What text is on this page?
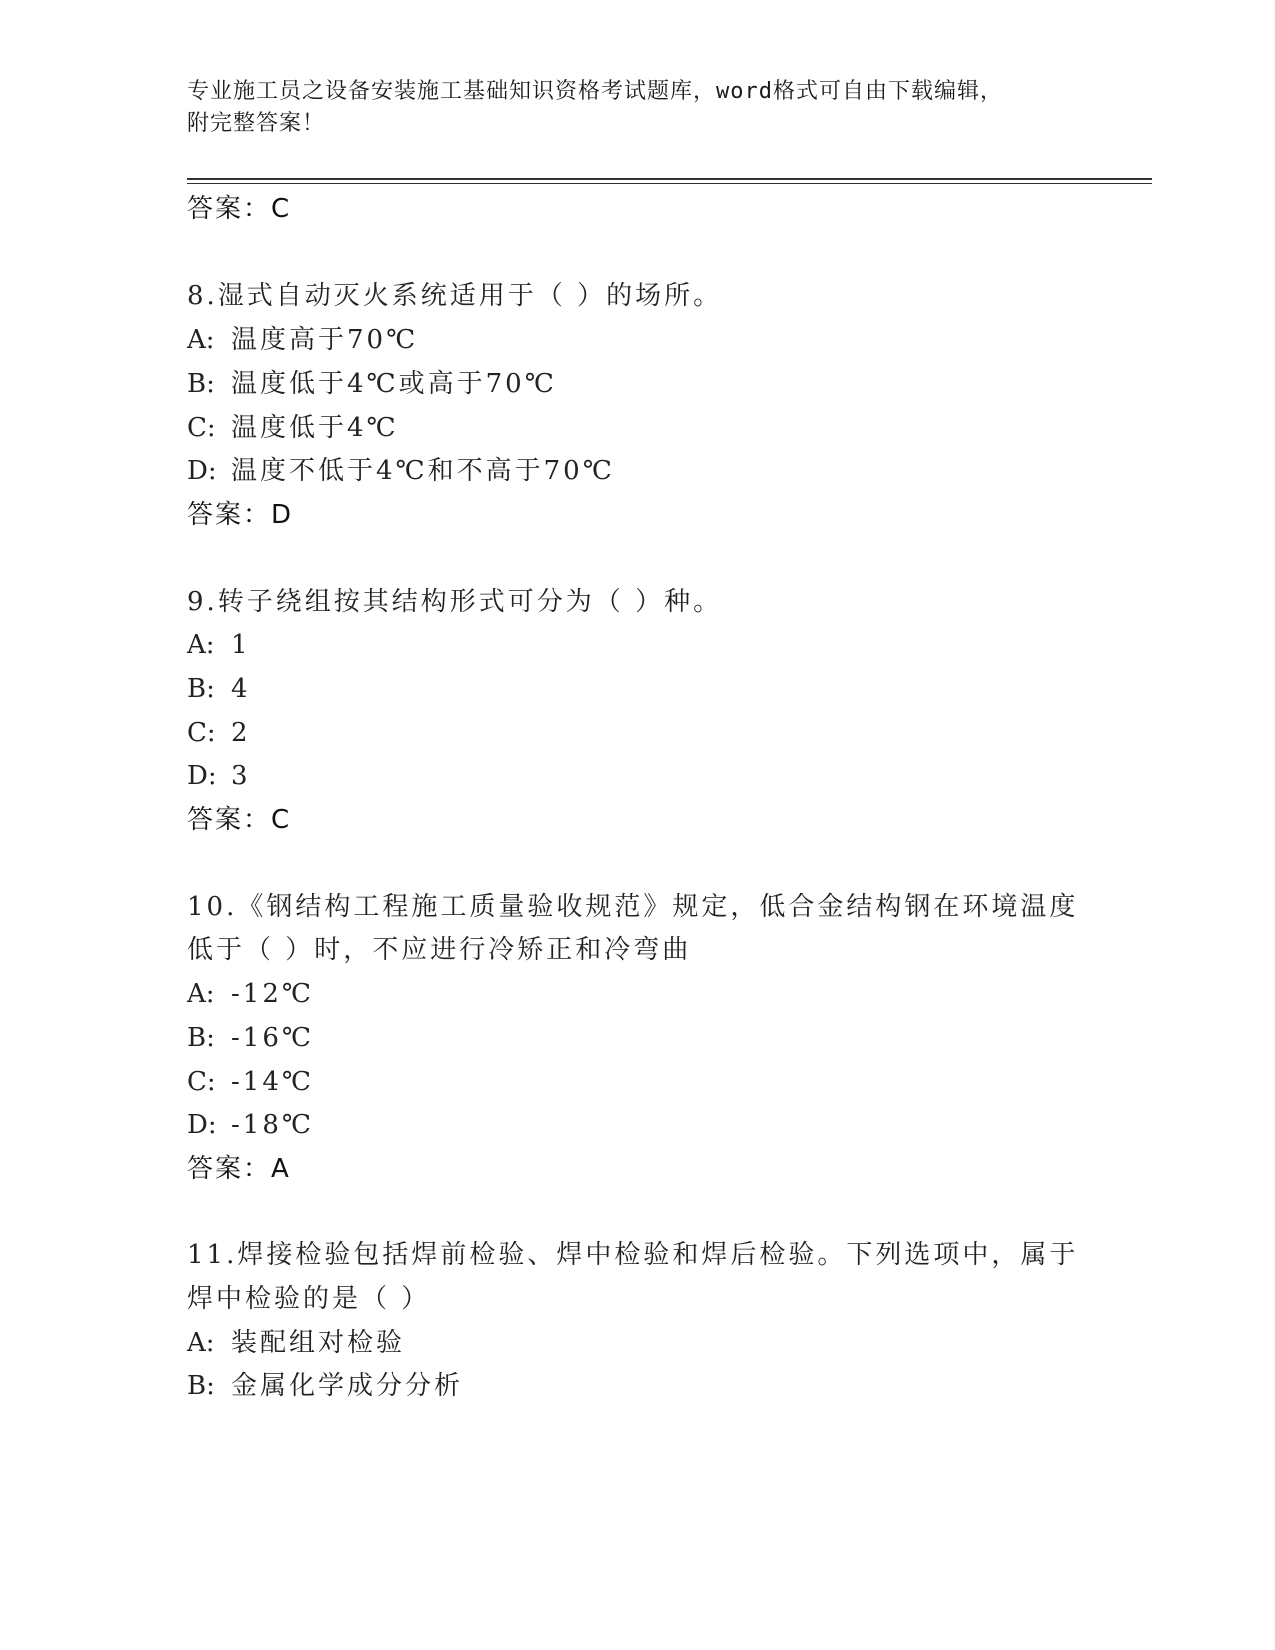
专业施工员之设备安装施工基础知识资格考试题库，word格式可自由下载编辑，
附完整答案！
答案：C
8.湿式自动灭火系统适用于（ ）的场所。
A: 温度高于70℃
B: 温度低于4℃或高于70℃
C: 温度低于4℃
D: 温度不低于4℃和不高于70℃
答案：D
9.转子绕组按其结构形式可分为（ ）种。
A: 1
B: 4
C: 2
D: 3
答案：C
10.《钢结构工程施工质量验收规范》规定，低合金结构钢在环境温度
低于（ ）时，不应进行冷矫正和冷弯曲
A: -12℃
B: -16℃
C: -14℃
D: -18℃
答案：A
11.焊接检验包括焊前检验、焊中检验和焊后检验。下列选项中，属于
焊中检验的是（ ）
A: 装配组对检验
B: 金属化学成分分析
